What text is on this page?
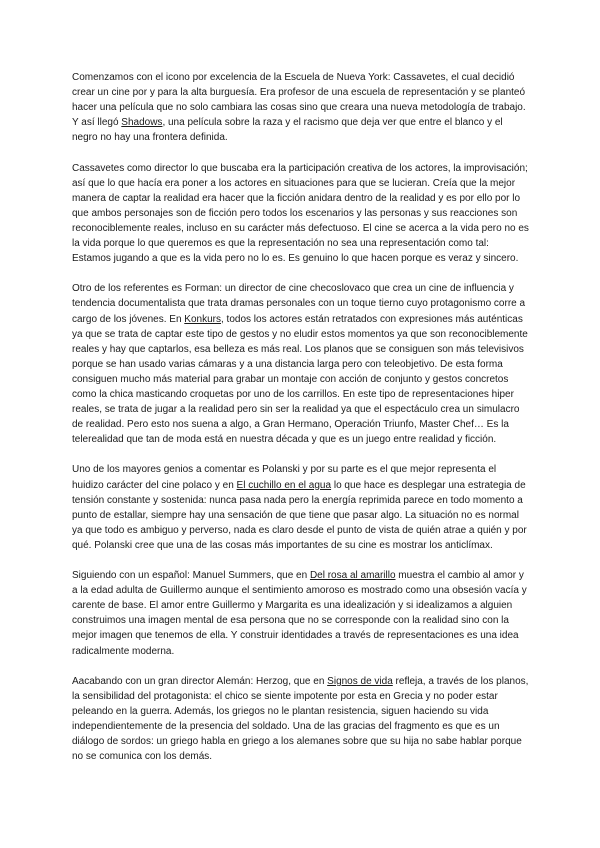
Comenzamos con el icono por excelencia de la Escuela de Nueva York: Cassavetes, el cual decidió crear un cine por y para la alta burguesía. Era profesor de una escuela de representación y se planteó hacer una película que no solo cambiara las cosas sino que creara una nueva metodología de trabajo. Y así llegó Shadows, una película sobre la raza y el racismo que deja ver que entre el blanco y el negro no hay una frontera definida.

Cassavetes como director lo que buscaba era la participación creativa de los actores, la improvisación; así que lo que hacía era poner a los actores en situaciones para que se lucieran. Creía que la mejor manera de captar la realidad era hacer que la ficción anidara dentro de la realidad y es por ello por lo que ambos personajes son de ficción pero todos los escenarios y las personas y sus reacciones son reconociblemente reales, incluso en su carácter más defectuoso. El cine se acerca a la vida pero no es la vida porque lo que queremos es que la representación no sea una representación como tal: Estamos jugando a que es la vida pero no lo es. Es genuino lo que hacen porque es veraz y sincero.

Otro de los referentes es Forman: un director de cine checoslovaco que crea un cine de influencia y tendencia documentalista que trata dramas personales con un toque tierno cuyo protagonismo corre a cargo de los jóvenes. En Konkurs, todos los actores están retratados con expresiones más auténticas ya que se trata de captar este tipo de gestos y no eludir estos momentos ya que son reconociblemente reales y hay que captarlos, esa belleza es más real. Los planos que se consiguen son más televisivos porque se han usado varias cámaras y a una distancia larga pero con teleobjetivo. De esta forma consiguen mucho más material para grabar un montaje con acción de conjunto y gestos concretos como la chica masticando croquetas por uno de los carrillos. En este tipo de representaciones hiper reales, se trata de jugar a la realidad pero sin ser la realidad ya que el espectáculo crea un simulacro de realidad. Pero esto nos suena a algo, a Gran Hermano, Operación Triunfo, Master Chef… Es la telerealidad que tan de moda está en nuestra década y que es un juego entre realidad y ficción.

Uno de los mayores genios a comentar es Polanski y por su parte es el que mejor representa el huidizo carácter del cine polaco y en El cuchillo en el agua lo que hace es desplegar una estrategia de tensión constante y sostenida: nunca pasa nada pero la energía reprimida parece en todo momento a punto de estallar, siempre hay una sensación de que tiene que pasar algo. La situación no es normal ya que todo es ambiguo y perverso, nada es claro desde el punto de vista de quién atrae a quién y por qué. Polanski cree que una de las cosas más importantes de su cine es mostrar los anticlímax.

Siguiendo con un español: Manuel Summers, que en Del rosa al amarillo muestra el cambio al amor y a la edad adulta de Guillermo aunque el sentimiento amoroso es mostrado como una obsesión vacía y carente de base. El amor entre Guillermo y Margarita es una idealización y si idealizamos a alguien construimos una imagen mental de esa persona que no se corresponde con la realidad sino con la mejor imagen que tenemos de ella. Y construir identidades a través de representaciones es una idea radicalmente moderna.

Aacabando con un gran director Alemán: Herzog, que en Signos de vida refleja, a través de los planos, la sensibilidad del protagonista: el chico se siente impotente por esta en Grecia y no poder estar peleando en la guerra. Además, los griegos no le plantan resistencia, siguen haciendo su vida independientemente de la presencia del soldado. Una de las gracias del fragmento es que es un diálogo de sordos: un griego habla en griego a los alemanes sobre que su hija no sabe hablar porque no se comunica con los demás.
